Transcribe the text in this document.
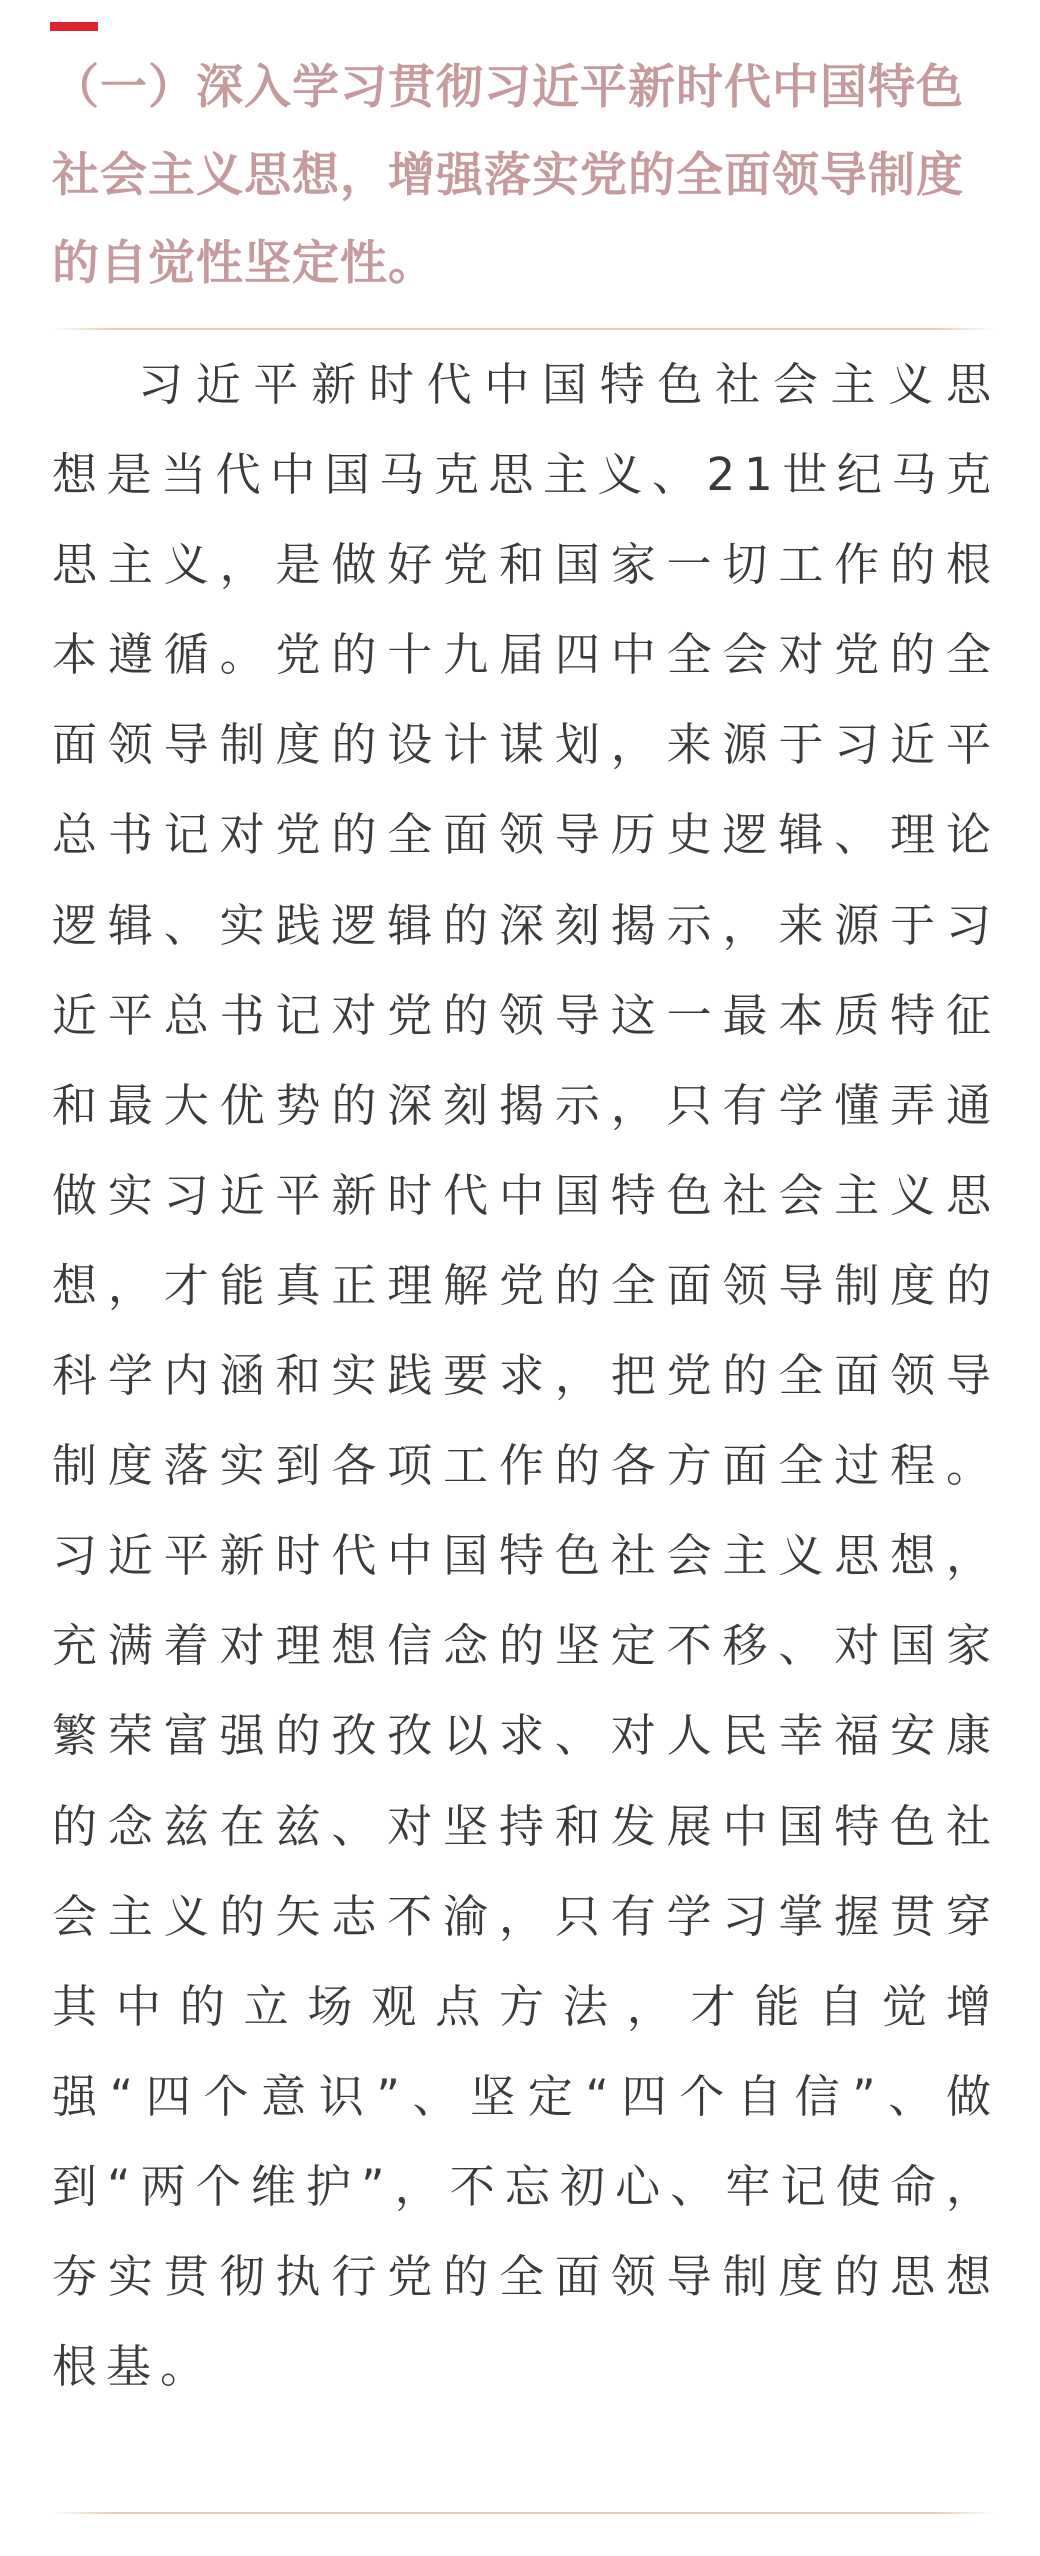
（一）深入学习贯彻习近平新时代中国特色社会主义思想，增强落实党的全面领导制度的自觉性坚定性。

习近平新时代中国特色社会主义思想是当代中国马克思主义、21世纪马克思主义，是做好党和国家一切工作的根本遵循。党的十九届四中全会对党的全面领导制度的设计谋划，来源于习近平总书记对党的全面领导历史逻辑、理论逻辑、实践逻辑的深刻揭示，来源于习近平总书记对党的领导这一最本质特征和最大优势的深刻揭示，只有学懂弄通做实习近平新时代中国特色社会主义思想，才能真正理解党的全面领导制度的科学内涵和实践要求，把党的全面领导制度落实到各项工作的各方面全过程。习近平新时代中国特色社会主义思想，充满着对理想信念的坚定不移、对国家繁荣富强的孜孜以求、对人民幸福安康的念兹在兹、对坚持和发展中国特色社会主义的矢志不渝，只有学习掌握贯穿其中的立场观点方法，才能自觉增强“四个意识”、坚定“四个自信”、做到“两个维护”，不忘初心、牢记使命，夯实贯彻执行党的全面领导制度的思想根基。
